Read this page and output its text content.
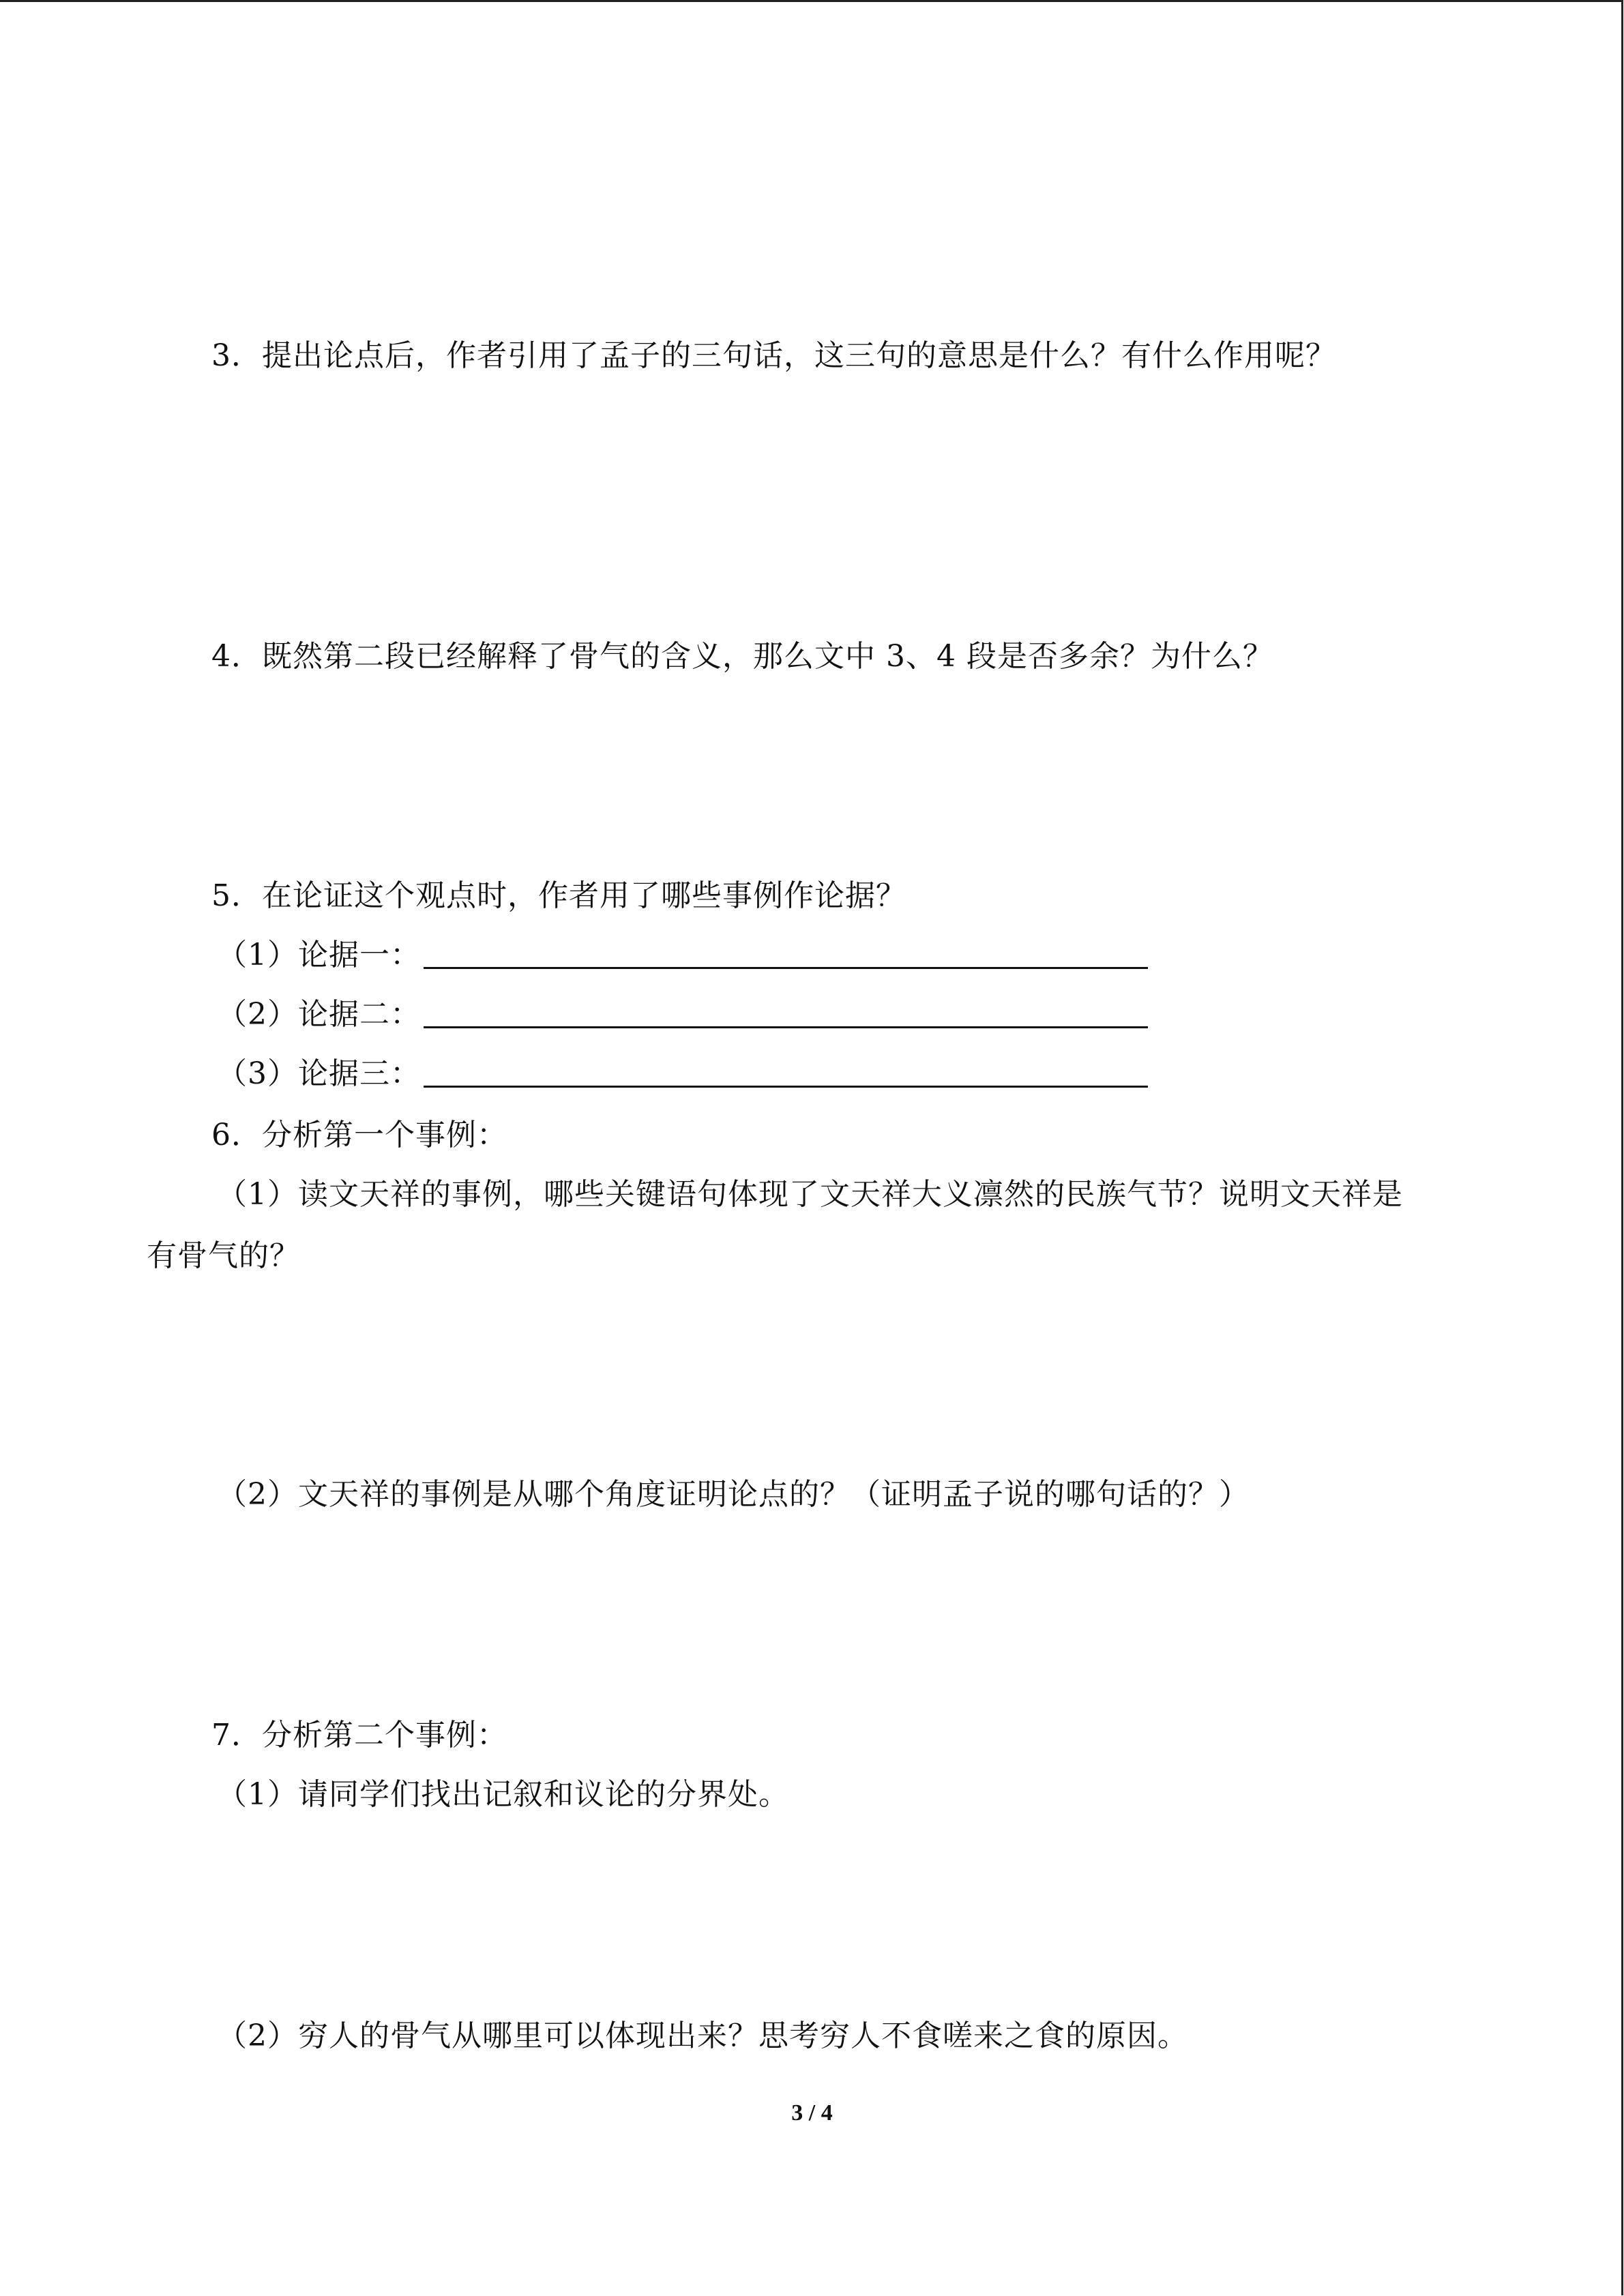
3．提出论点后，作者引用了孟子的三句话，这三句的意思是什么？有什么作用呢？
4．既然第二段已经解释了骨气的含义，那么文中 3、4 段是否多余？为什么？
5．在论证这个观点时，作者用了哪些事例作论据？
（1）论据一：
（2）论据二：
（3）论据三：
6．分析第一个事例：
（1）读文天祥的事例，哪些关键语句体现了文天祥大义凛然的民族气节？说明文天祥是
有骨气的？
（2）文天祥的事例是从哪个角度证明论点的？（证明孟子说的哪句话的？）
7．分析第二个事例：
（1）请同学们找出记叙和议论的分界处。
（2）穷人的骨气从哪里可以体现出来？思考穷人不食嗟来之食的原因。
3 / 4
